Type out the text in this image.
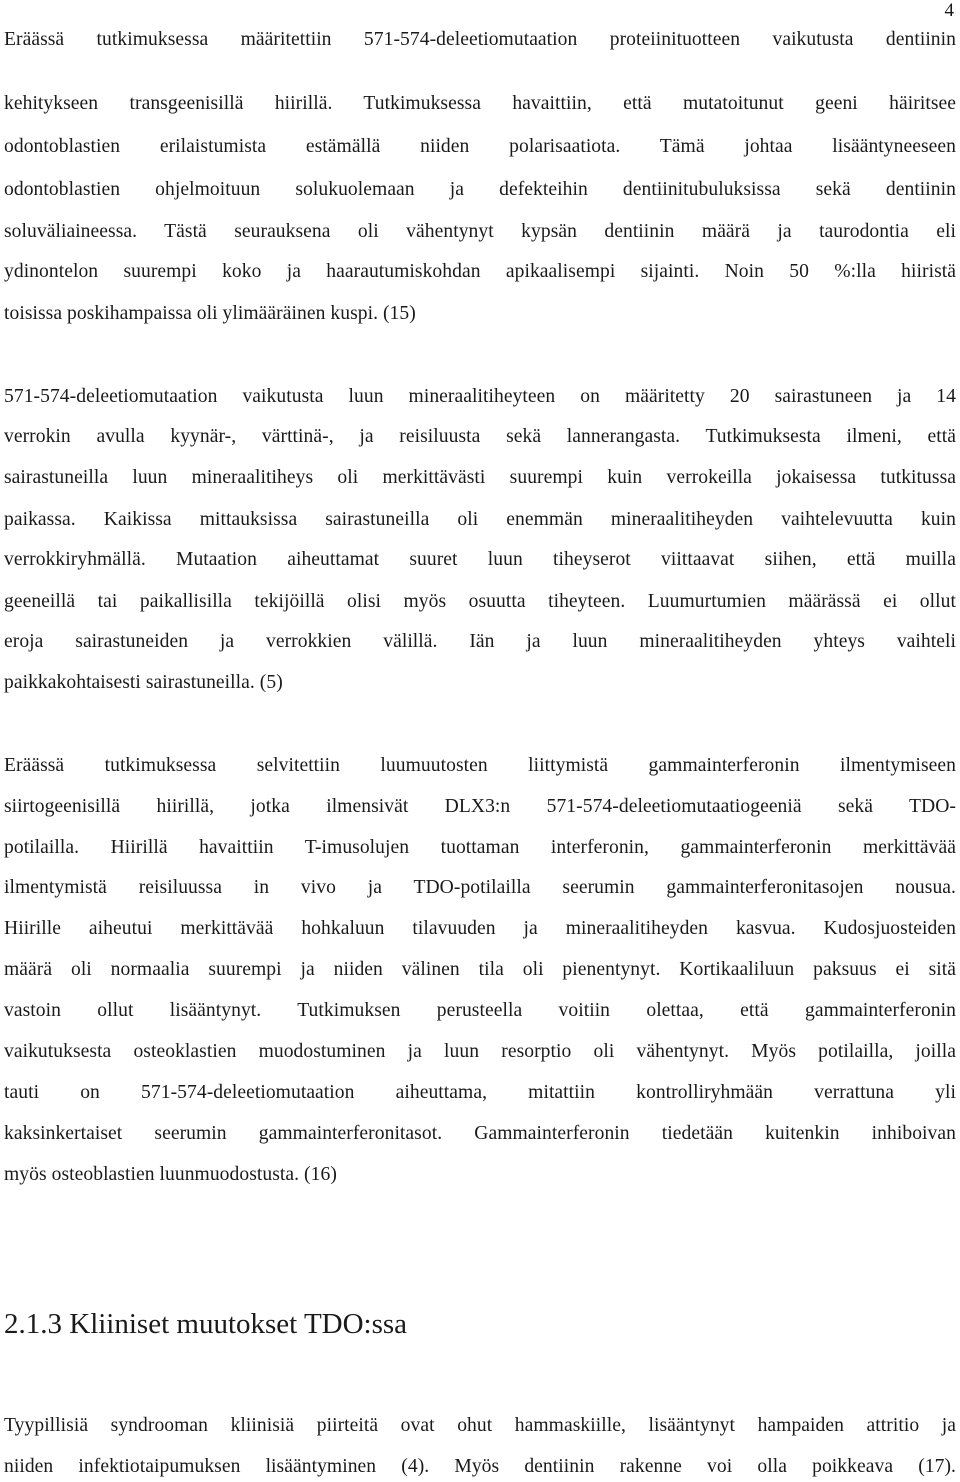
4
Eräässä tutkimuksessa määritettiin 571-574-deleetiomutaation proteiinituotteen vaikutusta dentiinin
kehitykseen transgeenisillä hiirillä. Tutkimuksessa havaittiin, että mutatoitunut geeni häiritsee
odontoblastien erilaistumista estämällä niiden polarisaatiota. Tämä johtaa lisääntyneeseen
odontoblastien ohjelmoituun solukuolemaan ja defekteihin dentiinitubuluksissa sekä dentiinin
soluväliaineessa. Tästä seurauksena oli vähentynyt kypsän dentiinin määrä ja taurodontia eli
ydinontelon suurempi koko ja haarautumiskohdan apikaalisempi sijainti. Noin 50 %:lla hiiristä
toisissa poskihampaissa oli ylimääräinen kuspi. (15)
571-574-deleetiomutaation vaikutusta luun mineraalitiheyteen on määritetty 20 sairastuneen ja 14
verrokin avulla kyynär-, värttinä-, ja reisiluusta sekä lannerangasta. Tutkimuksesta ilmeni, että
sairastuneilla luun mineraalitiheys oli merkittävästi suurempi kuin verrokeilla jokaisessa tutkitussa
paikassa. Kaikissa mittauksissa sairastuneilla oli enemmän mineraalitiheyden vaihtelevuutta kuin
verrokkiryhmällä. Mutaation aiheuttamat suuret luun tiheyserot viittaavat siihen, että muilla
geeneillä tai paikallisilla tekijöillä olisi myös osuutta tiheyteen. Luumurtumien määrässä ei ollut
eroja sairastuneiden ja verrokkien välillä. Iän ja luun mineraalitiheyden yhteys vaihteli
paikkakohtaisesti sairastuneilla. (5)
Eräässä tutkimuksessa selvitettiin luumuutosten liittymistä gammainterferonin ilmentymiseen
siirtogeenisillä hiirillä, jotka ilmensivät DLX3:n 571-574-deleetiomutaatiogeeniä sekä TDO-
potilailla. Hiirillä havaittiin T-imusolujen tuottaman interferonin, gammainterferonin merkittävää
ilmentymistä reisiluussa in vivo ja TDO-potilailla seerumin gammainterferonitasojen nousua.
Hiirille aiheutui merkittävää hohkaluun tilavuuden ja mineraalitiheyden kasvua. Kudosjuosteiden
määrä oli normaalia suurempi ja niiden välinen tila oli pienentynyt. Kortikaaliluun paksuus ei sitä
vastoin ollut lisääntynyt. Tutkimuksen perusteella voitiin olettaa, että gammainterferonin
vaikutuksesta osteoklastien muodostuminen ja luun resorptio oli vähentynyt. Myös potilailla, joilla
tauti on 571-574-deleetiomutaation aiheuttama, mitattiin kontrolliryhmään verrattuna yli
kaksinkertaiset seerumin gammainterferonitasot. Gammainterferonin tiedetään kuitenkin inhiboivan
myös osteoblastien luunmuodostusta. (16)
2.1.3 Kliiniset muutokset TDO:ssa
Tyypillisiä syndrooman kliinisiä piirteitä ovat ohut hammaskiille, lisääntynyt hampaiden attritio ja
niiden infektiotaipumuksen lisääntyminen (4). Myös dentiinin rakenne voi olla poikkeava (17).
